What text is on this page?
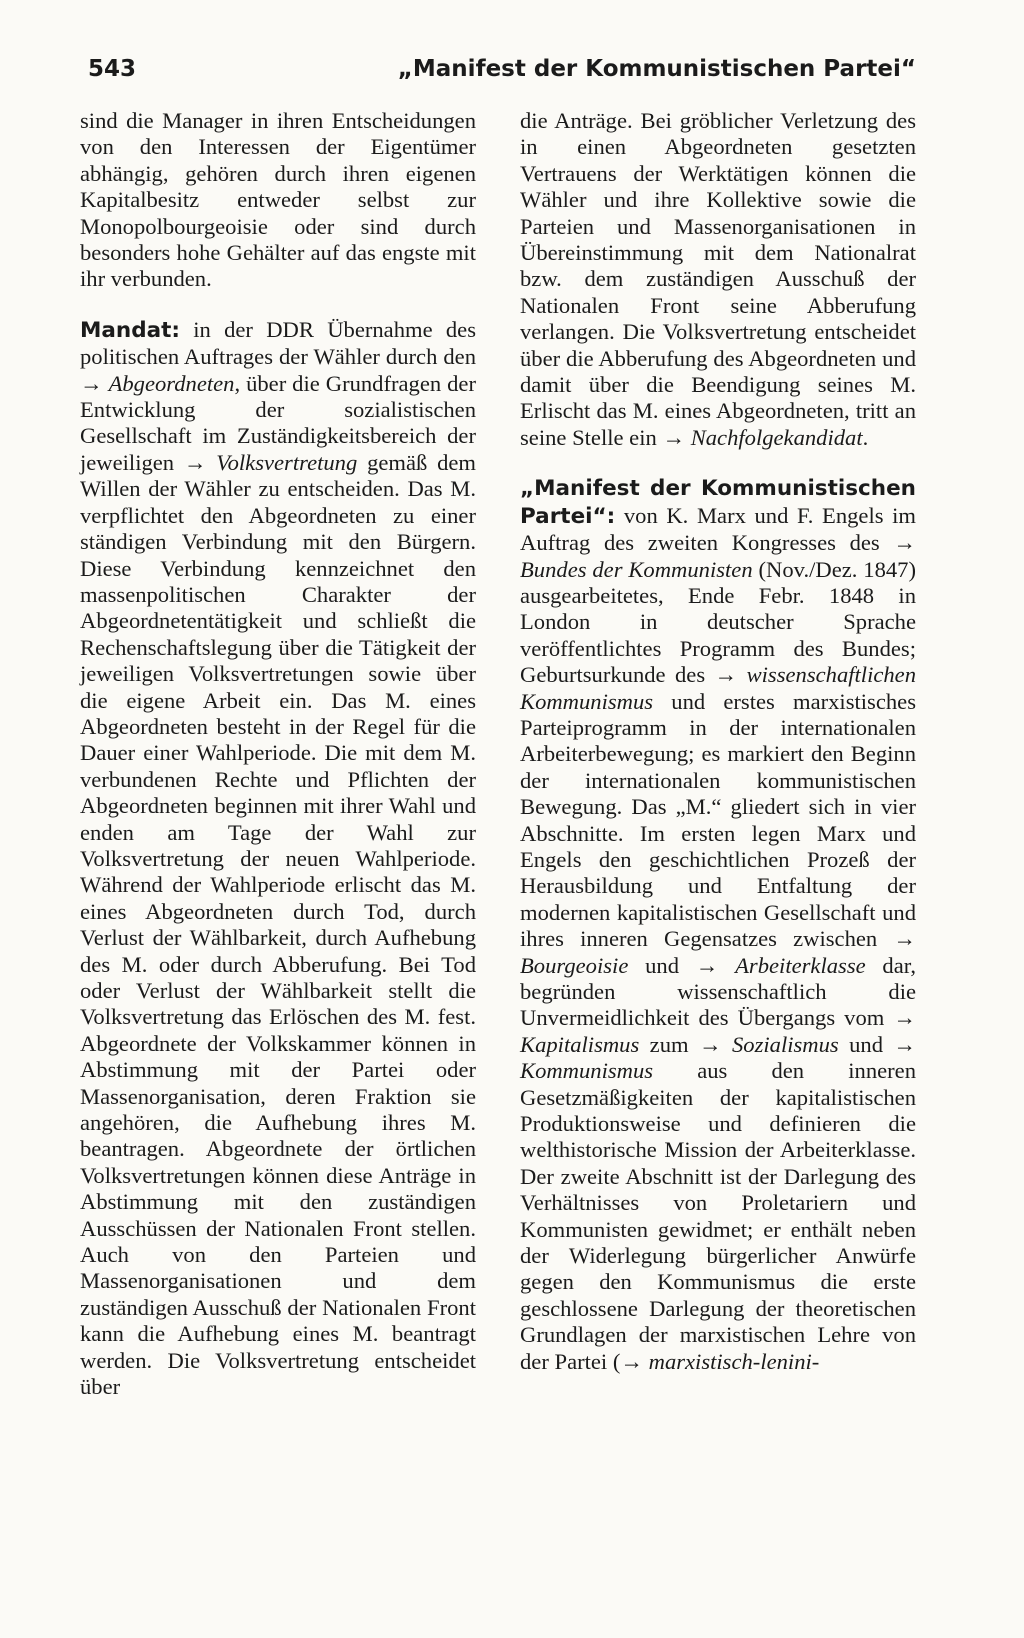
543	„Manifest der Kommunistischen Partei“

sind die Manager in ihren Entscheidungen von den Interessen der Eigentümer abhängig, gehören durch ihren eigenen Kapitalbesitz entweder selbst zur Monopolbourgeoisie oder sind durch besonders hohe Gehälter auf das engste mit ihr verbunden.

Mandat: in der DDR Übernahme des politischen Auftrages der Wähler durch den → Abgeordneten, über die Grundfragen der Entwicklung der sozialistischen Gesellschaft im Zuständigkeitsbereich der jeweiligen → Volksvertretung gemäß dem Willen der Wähler zu entscheiden. Das M. verpflichtet den Abgeordneten zu einer ständigen Verbindung mit den Bürgern. Diese Verbindung kennzeichnet den massenpolitischen Charakter der Abgeordnetentätigkeit und schließt die Rechenschaftslegung über die Tätigkeit der jeweiligen Volksvertretungen sowie über die eigene Arbeit ein. Das M. eines Abgeordneten besteht in der Regel für die Dauer einer Wahlperiode. Die mit dem M. verbundenen Rechte und Pflichten der Abgeordneten beginnen mit ihrer Wahl und enden am Tage der Wahl zur Volksvertretung der neuen Wahlperiode. Während der Wahlperiode erlischt das M. eines Abgeordneten durch Tod, durch Verlust der Wählbarkeit, durch Aufhebung des M. oder durch Abberufung. Bei Tod oder Verlust der Wählbarkeit stellt die Volksvertretung das Erlöschen des M. fest. Abgeordnete der Volkskammer können in Abstimmung mit der Partei oder Massenorganisation, deren Fraktion sie angehören, die Aufhebung ihres M. beantragen. Abgeordnete der örtlichen Volksvertretungen können diese Anträge in Abstimmung mit den zuständigen Ausschüssen der Nationalen Front stellen. Auch von den Parteien und Massenorganisationen und dem zuständigen Ausschuß der Nationalen Front kann die Aufhebung eines M. beantragt werden. Die Volksvertretung entscheidet über

die Anträge. Bei gröblicher Verletzung des in einen Abgeordneten gesetzten Vertrauens der Werktätigen können die Wähler und ihre Kollektive sowie die Parteien und Massenorganisationen in Übereinstimmung mit dem Nationalrat bzw. dem zuständigen Ausschuß der Nationalen Front seine Abberufung verlangen. Die Volksvertretung entscheidet über die Abberufung des Abgeordneten und damit über die Beendigung seines M. Erlischt das M. eines Abgeordneten, tritt an seine Stelle ein → Nachfolgekandidat.

„Manifest der Kommunistischen Partei“: von K. Marx und F. Engels im Auftrag des zweiten Kongresses des → Bundes der Kommunisten (Nov./Dez. 1847) ausgearbeitetes, Ende Febr. 1848 in London in deutscher Sprache veröffentlichtes Programm des Bundes; Geburtsurkunde des → wissenschaftlichen Kommunismus und erstes marxistisches Parteiprogramm in der internationalen Arbeiterbewegung; es markiert den Beginn der internationalen kommunistischen Bewegung. Das „M.“ gliedert sich in vier Abschnitte. Im ersten legen Marx und Engels den geschichtlichen Prozeß der Herausbildung und Entfaltung der modernen kapitalistischen Gesellschaft und ihres inneren Gegensatzes zwischen → Bourgeoisie und → Arbeiterklasse dar, begründen wissenschaftlich die Unvermeidlichkeit des Übergangs vom → Kapitalismus zum → Sozialismus und → Kommunismus aus den inneren Gesetzmäßigkeiten der kapitalistischen Produktionsweise und definieren die welthistorische Mission der Arbeiterklasse. Der zweite Abschnitt ist der Darlegung des Verhältnisses von Proletariern und Kommunisten gewidmet; er enthält neben der Widerlegung bürgerlicher Anwürfe gegen den Kommunismus die erste geschlossene Darlegung der theoretischen Grundlagen der marxistischen Lehre von der Partei (→ marxistisch-lenini-
